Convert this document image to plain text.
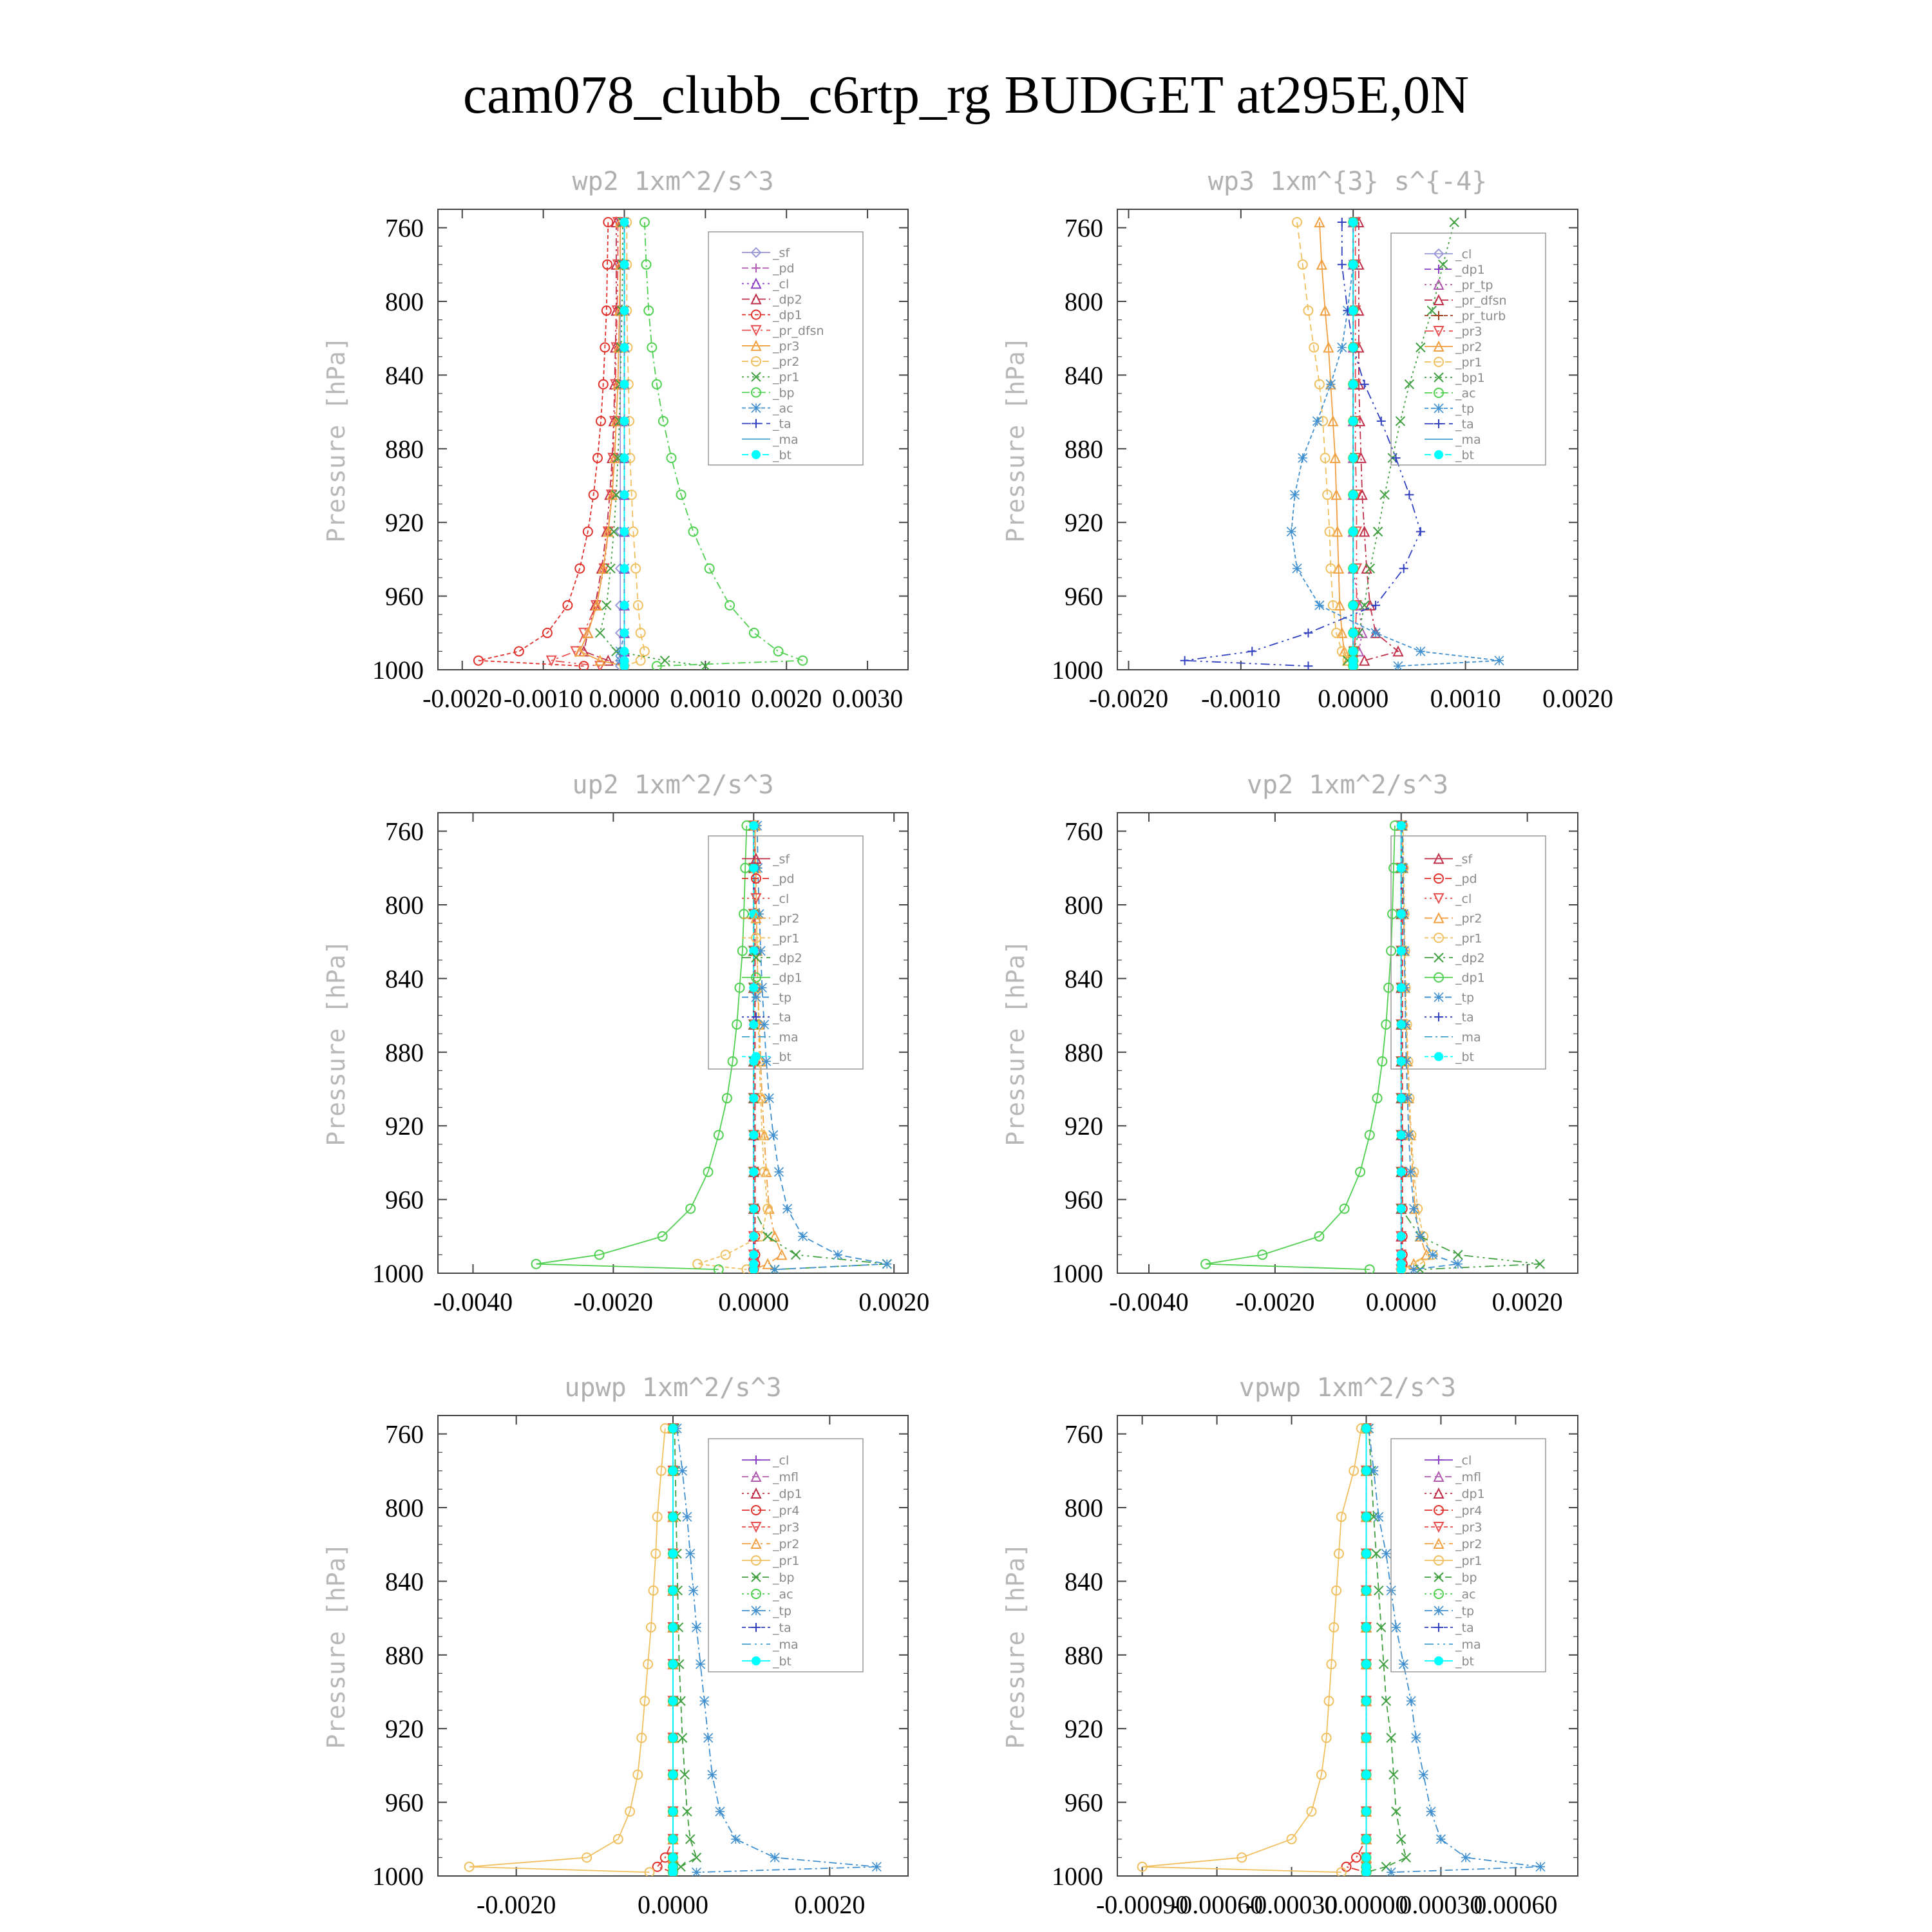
cam078_clubb_c6rtp_rg BUDGET at295E,0N
wp2 1xm^2/s^3
Pressure [hPa]
760
800
840
880
920
960
1000
-0.0020 -0.0010 0.0000 0.0010 0.0020 0.0030
_sf
_pd
_cl
_dp2
_dp1
_pr_dfsn
_pr3
_pr2
_pr1
_bp
_ac
_ta
_ma
_bt
wp3 1xm^{3} s^{-4}
Pressure [hPa]
760
800
840
880
920
960
1000
-0.0020 -0.0010 0.0000 0.0010 0.0020
_cl
_dp1
_pr_tp
_pr_dfsn
_pr_turb
_pr3
_pr2
_pr1
_bp1
_ac
_tp
_ta
_ma
_bt
up2 1xm^2/s^3
Pressure [hPa]
760
800
840
880
920
960
1000
-0.0040 -0.0020	0.0000	0.0020
_sf
_pd
_cl
_pr2
_pr1
_dp2
_dp1
_tp
_ta
_ma
_bt
vp2 1xm^2/s^3
Pressure [hPa]
760
800
840
880
920
960
1000
-0.0040 -0.0020 0.0000 0.0020
_sf
_pd
_cl
_pr2
_pr1
_dp2
_dp1
_tp
_ta
_ma
_bt
upwp 1xm^2/s^3
Pressure [hPa]
760
800
840
880
920
960
1000
-0.0020	0.0000	0.0020
_cl
_mfl
_dp1
_pr4
_pr3
_pr2
_pr1
_bp
_ac
_tp
_ta
_ma
_bt
vpwp 1xm^2/s^3
Pressure [hPa]
760
800
840
880
920
960
1000
-0.00090
-0.00060
-0.00030
0.00000
0.00030
0.00060
_cl
_mfl
_dp1
_pr4
_pr3
_pr2
_pr1
_bp
_ac
_tp
_ta
_ma
_bt
